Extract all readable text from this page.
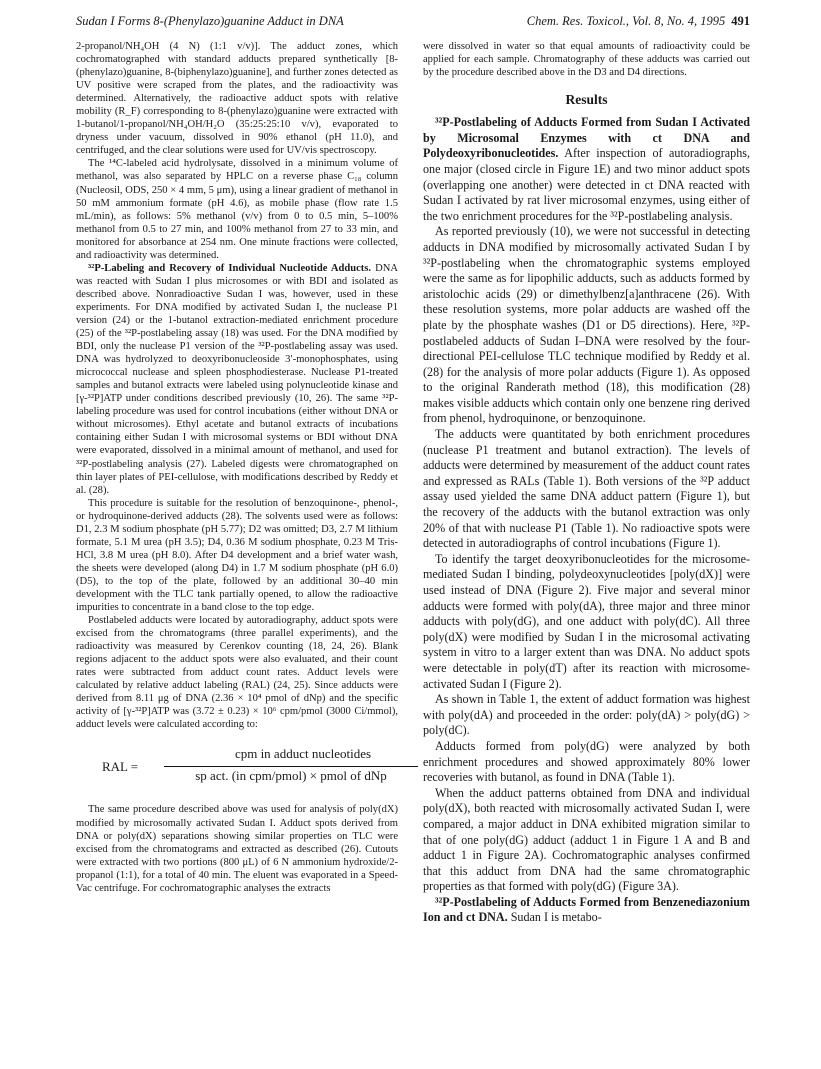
Sudan I Forms 8-(Phenylazo)guanine Adduct in DNA	Chem. Res. Toxicol., Vol. 8, No. 4, 1995 491

2-propanol/NH₄OH (4 N) (1:1 v/v)]. The adduct zones, which cochromatographed with standard adducts prepared synthetically [8-(phenylazo)guanine, 8-(biphenylazo)guanine], and further zones detected as UV positive were scraped from the plates, and the radioactivity was determined. Alternatively, the radioactive adduct spots with relative mobility (R_F) corresponding to 8-(phenylazo)guanine were extracted with 1-butanol/1-propanol/NH₄OH/H₂O (35:25:25:10 v/v), evaporated to dryness under vacuum, dissolved in 90% ethanol (pH 11.0), and centrifuged, and the clear solutions were used for UV/vis spectroscopy.

The ¹⁴C-labeled acid hydrolysate, dissolved in a minimum volume of methanol, was also separated by HPLC on a reverse phase C₁₈ column (Nucleosil, ODS, 250 × 4 mm, 5 μm), using a linear gradient of methanol in 50 mM ammonium formate (pH 4.6), as mobile phase (flow rate 1.5 mL/min), as follows: 5% methanol (v/v) from 0 to 0.5 min, 5–100% methanol from 0.5 to 27 min, and 100% methanol from 27 to 33 min, and monitored for absorbance at 254 nm. One minute fractions were collected, and radioactivity was determined.

³²P-Labeling and Recovery of Individual Nucleotide Adducts. DNA was reacted with Sudan I plus microsomes or with BDI and isolated as described above. Nonradioactive Sudan I was, however, used in these experiments. For DNA modified by activated Sudan I, the nuclease P1 version (24) or the 1-butanol extraction-mediated enrichment procedure (25) of the ³²P-postlabeling assay (18) was used. For the DNA modified by BDI, only the nuclease P1 version of the ³²P-postlabeling assay was used. DNA was hydrolyzed to deoxyribonucleoside 3′-monophosphates, using micrococcal nuclease and spleen phosphodiesterase. Nuclease P1-treated samples and butanol extracts were labeled using polynucleotide kinase and [γ-³²P]ATP under conditions described previously (10, 26). The same ³²P-labeling procedure was used for control incubations (either without DNA or without microsomes). Ethyl acetate and butanol extracts of incubations containing either Sudan I with microsomal systems or BDI without DNA were evaporated, dissolved in a minimal amount of methanol, and used for ³²P-postlabeling analysis (27). Labeled digests were chromatographed on thin layer plates of PEI-cellulose, with modifications described by Reddy et al. (28).

This procedure is suitable for the resolution of benzoquinone-, phenol-, or hydroquinone-derived adducts (28). The solvents used were as follows: D1, 2.3 M sodium phosphate (pH 5.77); D2 was omitted; D3, 2.7 M lithium formate, 5.1 M urea (pH 3.5); D4, 0.36 M sodium phosphate, 0.23 M Tris-HCl, 3.8 M urea (pH 8.0). After D4 development and a brief water wash, the sheets were developed (along D4) in 1.7 M sodium phosphate (pH 6.0) (D5), to the top of the plate, followed by an additional 30–40 min development with the TLC tank partially opened, to allow the radioactive impurities to concentrate in a band close to the top edge.

Postlabeled adducts were located by autoradiography, adduct spots were excised from the chromatograms (three parallel experiments), and the radioactivity was measured by Cerenkov counting (18, 24, 26). Blank regions adjacent to the adduct spots were also evaluated, and their count rates were subtracted from adduct count rates. Adduct levels were calculated by relative adduct labeling (RAL) (24, 25). Since adducts were derived from 8.11 μg of DNA (2.36 × 10⁴ pmol of dNp) and the specific activity of [γ-³²P]ATP was (3.72 ± 0.23) × 10⁶ cpm/pmol (3000 Ci/mmol), adduct levels were calculated according to:

RAL =
cpm in adduct nucleotides
sp act. (in cpm/pmol) × pmol of dNp

The same procedure described above was used for analysis of poly(dX) modified by microsomally activated Sudan I. Adduct spots derived from DNA or poly(dX) separations showing similar properties on TLC were excised from the chromatograms and extracted as described (26). Cutouts were extracted with two portions (800 μL) of 6 N ammonium hydroxide/2-propanol (1:1), for a total of 40 min. The eluent was evaporated in a Speed-Vac centrifuge. For cochromatographic analyses the extracts

were dissolved in water so that equal amounts of radioactivity could be applied for each sample. Chromatography of these adducts was carried out by the procedure described above in the D3 and D4 directions.

Results

³²P-Postlabeling of Adducts Formed from Sudan I Activated by Microsomal Enzymes with ct DNA and Polydeoxyribonucleotides. After inspection of autoradiographs, one major (closed circle in Figure 1E) and two minor adduct spots (overlapping one another) were detected in ct DNA reacted with Sudan I activated by rat liver microsomal enzymes, using either of the two enrichment procedures for the ³²P-postlabeling analysis.

As reported previously (10), we were not successful in detecting adducts in DNA modified by microsomally activated Sudan I by ³²P-postlabeling when the chromatographic systems employed were the same as for lipophilic adducts, such as adducts formed by aristolochic acids (29) or dimethylbenz[a]anthracene (26). With these resolution systems, more polar adducts are washed off the plate by the phosphate washes (D1 or D5 directions). Here, ³²P-postlabeled adducts of Sudan I–DNA were resolved by the four-directional PEI-cellulose TLC technique modified by Reddy et al. (28) for the analysis of more polar adducts (Figure 1). As opposed to the original Randerath method (18), this modification (28) makes visible adducts which contain only one benzene ring derived from phenol, hydroquinone, or benzoquinone.

The adducts were quantitated by both enrichment procedures (nuclease P1 treatment and butanol extraction). The levels of adducts were determined by measurement of the adduct count rates and expressed as RALs (Table 1). Both versions of the ³²P adduct assay used yielded the same DNA adduct pattern (Figure 1), but the recovery of the adducts with the butanol extraction was only 20% of that with nuclease P1 (Table 1). No radioactive spots were detected in autoradiographs of control incubations (Figure 1).

To identify the target deoxyribonucleotides for the microsome-mediated Sudan I binding, polydeoxynucleotides [poly(dX)] were used instead of DNA (Figure 2). Five major and several minor adducts were formed with poly(dA), three major and three minor adducts with poly(dG), and one adduct with poly(dC). All three poly(dX) were modified by Sudan I in the microsomal activating system in vitro to a larger extent than was DNA. No adduct spots were detectable in poly(dT) after its reaction with microsome-activated Sudan I (Figure 2).

As shown in Table 1, the extent of adduct formation was highest with poly(dA) and proceeded in the order: poly(dA) > poly(dG) > poly(dC).

Adducts formed from poly(dG) were analyzed by both enrichment procedures and showed approximately 80% lower recoveries with butanol, as found in DNA (Table 1).

When the adduct patterns obtained from DNA and individual poly(dX), both reacted with microsomally activated Sudan I, were compared, a major adduct in DNA exhibited migration similar to that of one poly(dG) adduct (adduct 1 in Figure 1 A and B and adduct 1 in Figure 2A). Cochromatographic analyses confirmed that this adduct from DNA had the same chromatographic properties as that formed with poly(dG) (Figure 3A).

³²P-Postlabeling of Adducts Formed from Benzenediazonium Ion and ct DNA. Sudan I is metabo-
